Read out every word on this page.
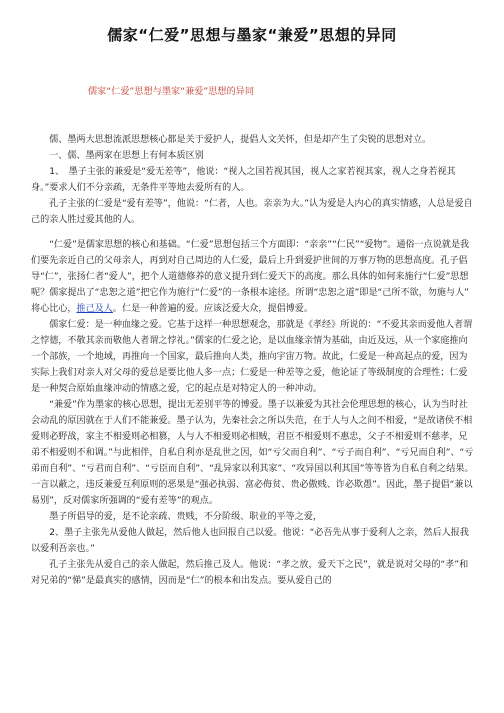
儒家“仁爱”思想与墨家“兼爱”思想的异同
儒家“仁爱”思想与墨家“兼爱”思想的异同

儒、墨两大思想流派思想核心都是关于爱护人，提倡人文关怀，但是却产生了尖锐的思想对立。

一、儒、墨两家在思想上有何本质区别

1、　墨子主张的兼爱是“爱无差等”，他说：“视人之国若视其国，视人之家若视其家，视人之身若视其身。”要求人们不分亲疏，无条件平等地去爱所有的人。

孔子主张的仁爱是“爱有差等”，他说：“仁者，人也。亲亲为大。”认为爱是人内心的真实情感，人总是爱自己的亲人胜过爱其他的人。

“仁爱”是儒家思想的核心和基础。“仁爱”思想包括三个方面即：“亲亲”“仁民”“爱物”。通俗一点说就是我们要先亲近自己的父母亲人，再到对自己周边的人仁爱，最后上升到爱护世间的万事万物的思想高度。孔子倡导“仁”，张扬仁者“爱人”，把个人道德修养的意义提升到仁爱天下的高度。那么具体的如何来施行“仁爱”思想呢？儒家提出了“忠恕之道”把它作为施行“仁爱”的一条根本途径。所谓“忠恕之道”即是“己所不欲，勿施与人”　　将心比心，推己及人。仁是一种普遍的爱。应该泛爱大众，提倡博爱。

儒家仁爱：是一种血缘之爱。它基于这样一种思想观念，那就是《孝经》所说的：“不爱其亲而爱他人者谓之悖德，不敬其亲而敬他人者谓之悖礼。”儒家的仁爱之论，是以血缘亲情为基础，由近及远，从一个家庭推向一个部族，一个地域，再推向一个国家，最后推向人类，推向宇宙万物。故此，仁爱是一种高起点的爱，因为实际上我们对亲人对父母的爱总是要比他人多一点；仁爱是一种差等之爱，他论证了等级制度的合理性；仁爱是一种契合原始血缘冲动的情感之爱，它的起点是对特定人的一种冲动。

“兼爱”作为墨家的核心思想，提出无差别平等的博爱。墨子以兼爱为其社会伦理思想的核心，认为当时社会动乱的原因就在于人们不能兼爱。墨子认为，先秦社会之所以失范，在于人与人之间不相爱，“是故诸侯不相爱则必野战，家主不相爱则必相篡，人与人不相爱则必相贼，君臣不相爱则不惠忠，父子不相爱则不慈孝，兄弟不相爱则不和调。”与此相伴，自私自利亦是乱世之因，如“亏父而自利”、“亏子而自利”、“亏兄而自利”、“亏弟而自利”、“亏君而自利”、“亏臣而自利”、“乱异家以利其家”、“攻异国以利其国”等等皆为自私自利之结果。一言以蔽之，违反兼爱互利原则的恶果是“强必执弱、富必侮贫、贵必傲贱、诈必欺愚”。因此，墨子提倡“兼以易别”，反对儒家所强调的“爱有差等”的观点。

墨子所倡导的爱，是不论亲疏、贵贱，不分阶级、职业的平等之爱，

2、墨子主张先从爱他人做起，然后他人也回报自己以爱。他说：“必吾先从事于爱利人之亲，然后人报我以爱利吾亲也。”

孔子主张先从爱自己的亲人做起，然后推己及人。他说：“孝之放，爱天下之民”，就是说对父母的“孝”和对兄弟的“悌”是最真实的感情，因而是“仁”的根本和出发点。要从爱自己的
